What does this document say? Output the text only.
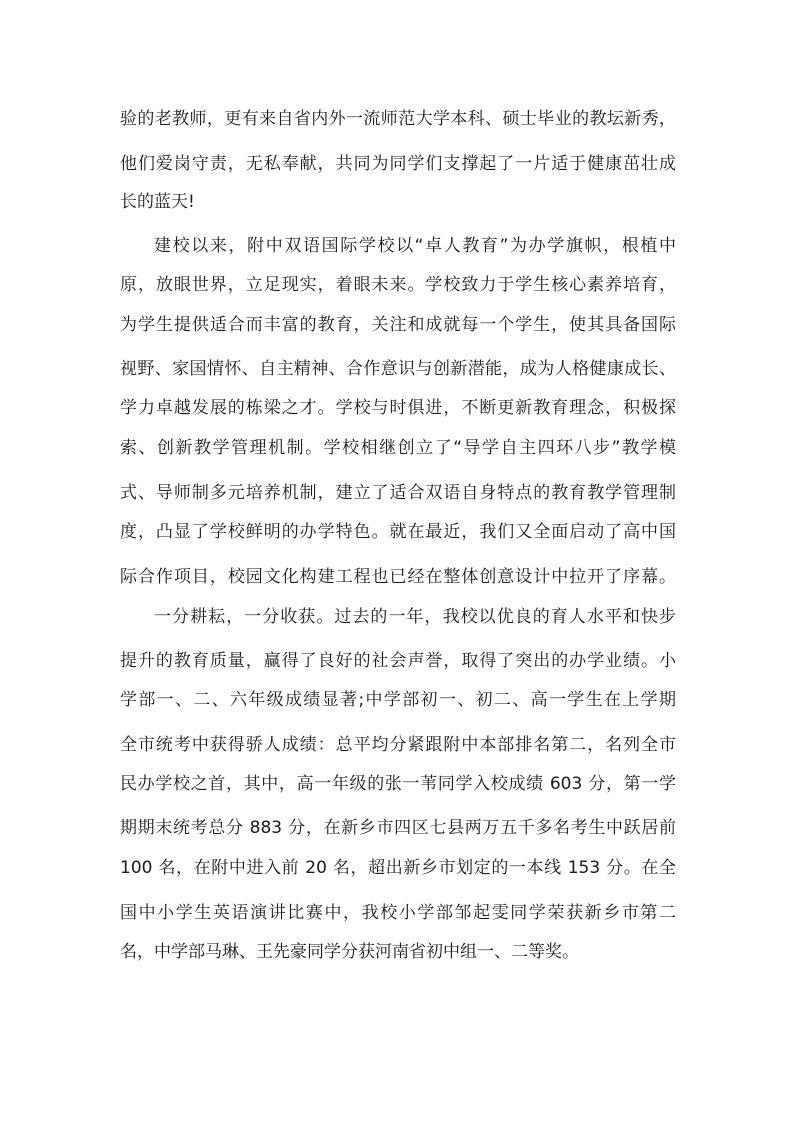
验的老教师，更有来自省内外一流师范大学本科、硕士毕业的教坛新秀，
他们爱岗守责，无私奉献，共同为同学们支撑起了一片适于健康茁壮成
长的蓝天!
建校以来，附中双语国际学校以“卓人教育”为办学旗帜，根植中
原，放眼世界，立足现实，着眼未来。学校致力于学生核心素养培育，
为学生提供适合而丰富的教育，关注和成就每一个学生，使其具备国际
视野、家国情怀、自主精神、合作意识与创新潜能，成为人格健康成长、
学力卓越发展的栋梁之才。学校与时俱进，不断更新教育理念，积极探
索、创新教学管理机制。学校相继创立了“导学自主四环八步”教学模
式、导师制多元培养机制，建立了适合双语自身特点的教育教学管理制
度，凸显了学校鲜明的办学特色。就在最近，我们又全面启动了高中国
际合作项目，校园文化构建工程也已经在整体创意设计中拉开了序幕。
一分耕耘，一分收获。过去的一年，我校以优良的育人水平和快步
提升的教育质量，赢得了良好的社会声誉，取得了突出的办学业绩。小
学部一、二、六年级成绩显著;中学部初一、初二、高一学生在上学期
全市统考中获得骄人成绩：总平均分紧跟附中本部排名第二，名列全市
民办学校之首，其中，高一年级的张一苇同学入校成绩 603 分，第一学
期期末统考总分 883 分，在新乡市四区七县两万五千多名考生中跃居前
100 名，在附中进入前 20 名，超出新乡市划定的一本线 153 分。在全
国中小学生英语演讲比赛中，我校小学部邹起雯同学荣获新乡市第二
名，中学部马琳、王先豪同学分获河南省初中组一、二等奖。
